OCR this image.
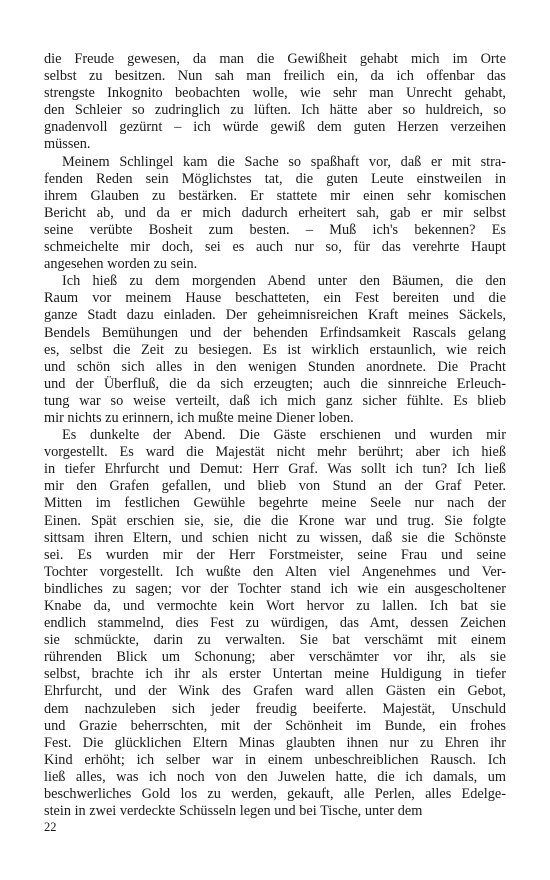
die Freude gewesen, da man die Gewißheit gehabt mich im Orte
selbst zu besitzen. Nun sah man freilich ein, da ich offenbar das
strengste Inkognito beobachten wolle, wie sehr man Unrecht gehabt,
den Schleier so zudringlich zu lüften. Ich hätte aber so huldreich, so
gnadenvoll gezürnt – ich würde gewiß dem guten Herzen verzeihen
müssen.

Meinem Schlingel kam die Sache so spaßhaft vor, daß er mit stra-
fenden Reden sein Möglichstes tat, die guten Leute einstweilen in
ihrem Glauben zu bestärken. Er stattete mir einen sehr komischen
Bericht ab, und da er mich dadurch erheitert sah, gab er mir selbst
seine verübte Bosheit zum besten. – Muß ich's bekennen? Es
schmeichelte mir doch, sei es auch nur so, für das verehrte Haupt
angesehen worden zu sein.

Ich hieß zu dem morgenden Abend unter den Bäumen, die den
Raum vor meinem Hause beschatteten, ein Fest bereiten und die
ganze Stadt dazu einladen. Der geheimnisreichen Kraft meines Säckels,
Bendels Bemühungen und der behenden Erfindsamkeit Rascals gelang
es, selbst die Zeit zu besiegen. Es ist wirklich erstaunlich, wie reich
und schön sich alles in den wenigen Stunden anordnete. Die Pracht
und der Überfluß, die da sich erzeugten; auch die sinnreiche Erleuch-
tung war so weise verteilt, daß ich mich ganz sicher fühlte. Es blieb
mir nichts zu erinnern, ich mußte meine Diener loben.

Es dunkelte der Abend. Die Gäste erschienen und wurden mir
vorgestellt. Es ward die Majestät nicht mehr berührt; aber ich hieß
in tiefer Ehrfurcht und Demut: Herr Graf. Was sollt ich tun? Ich ließ
mir den Grafen gefallen, und blieb von Stund an der Graf Peter.
Mitten im festlichen Gewühle begehrte meine Seele nur nach der
Einen. Spät erschien sie, sie, die die Krone war und trug. Sie folgte
sittsam ihren Eltern, und schien nicht zu wissen, daß sie die Schönste
sei. Es wurden mir der Herr Forstmeister, seine Frau und seine
Tochter vorgestellt. Ich wußte den Alten viel Angenehmes und Ver-
bindliches zu sagen; vor der Tochter stand ich wie ein ausgescholtener
Knabe da, und vermochte kein Wort hervor zu lallen. Ich bat sie
endlich stammelnd, dies Fest zu würdigen, das Amt, dessen Zeichen
sie schmückte, darin zu verwalten. Sie bat verschämt mit einem
rührenden Blick um Schonung; aber verschämter vor ihr, als sie
selbst, brachte ich ihr als erster Untertan meine Huldigung in tiefer
Ehrfurcht, und der Wink des Grafen ward allen Gästen ein Gebot,
dem nachzuleben sich jeder freudig beeiferte. Majestät, Unschuld
und Grazie beherrschten, mit der Schönheit im Bunde, ein frohes
Fest. Die glücklichen Eltern Minas glaubten ihnen nur zu Ehren ihr
Kind erhöht; ich selber war in einem unbeschreiblichen Rausch. Ich
ließ alles, was ich noch von den Juwelen hatte, die ich damals, um
beschwerliches Gold los zu werden, gekauft, alle Perlen, alles Edelge-
stein in zwei verdeckte Schüsseln legen und bei Tische, unter dem

22
